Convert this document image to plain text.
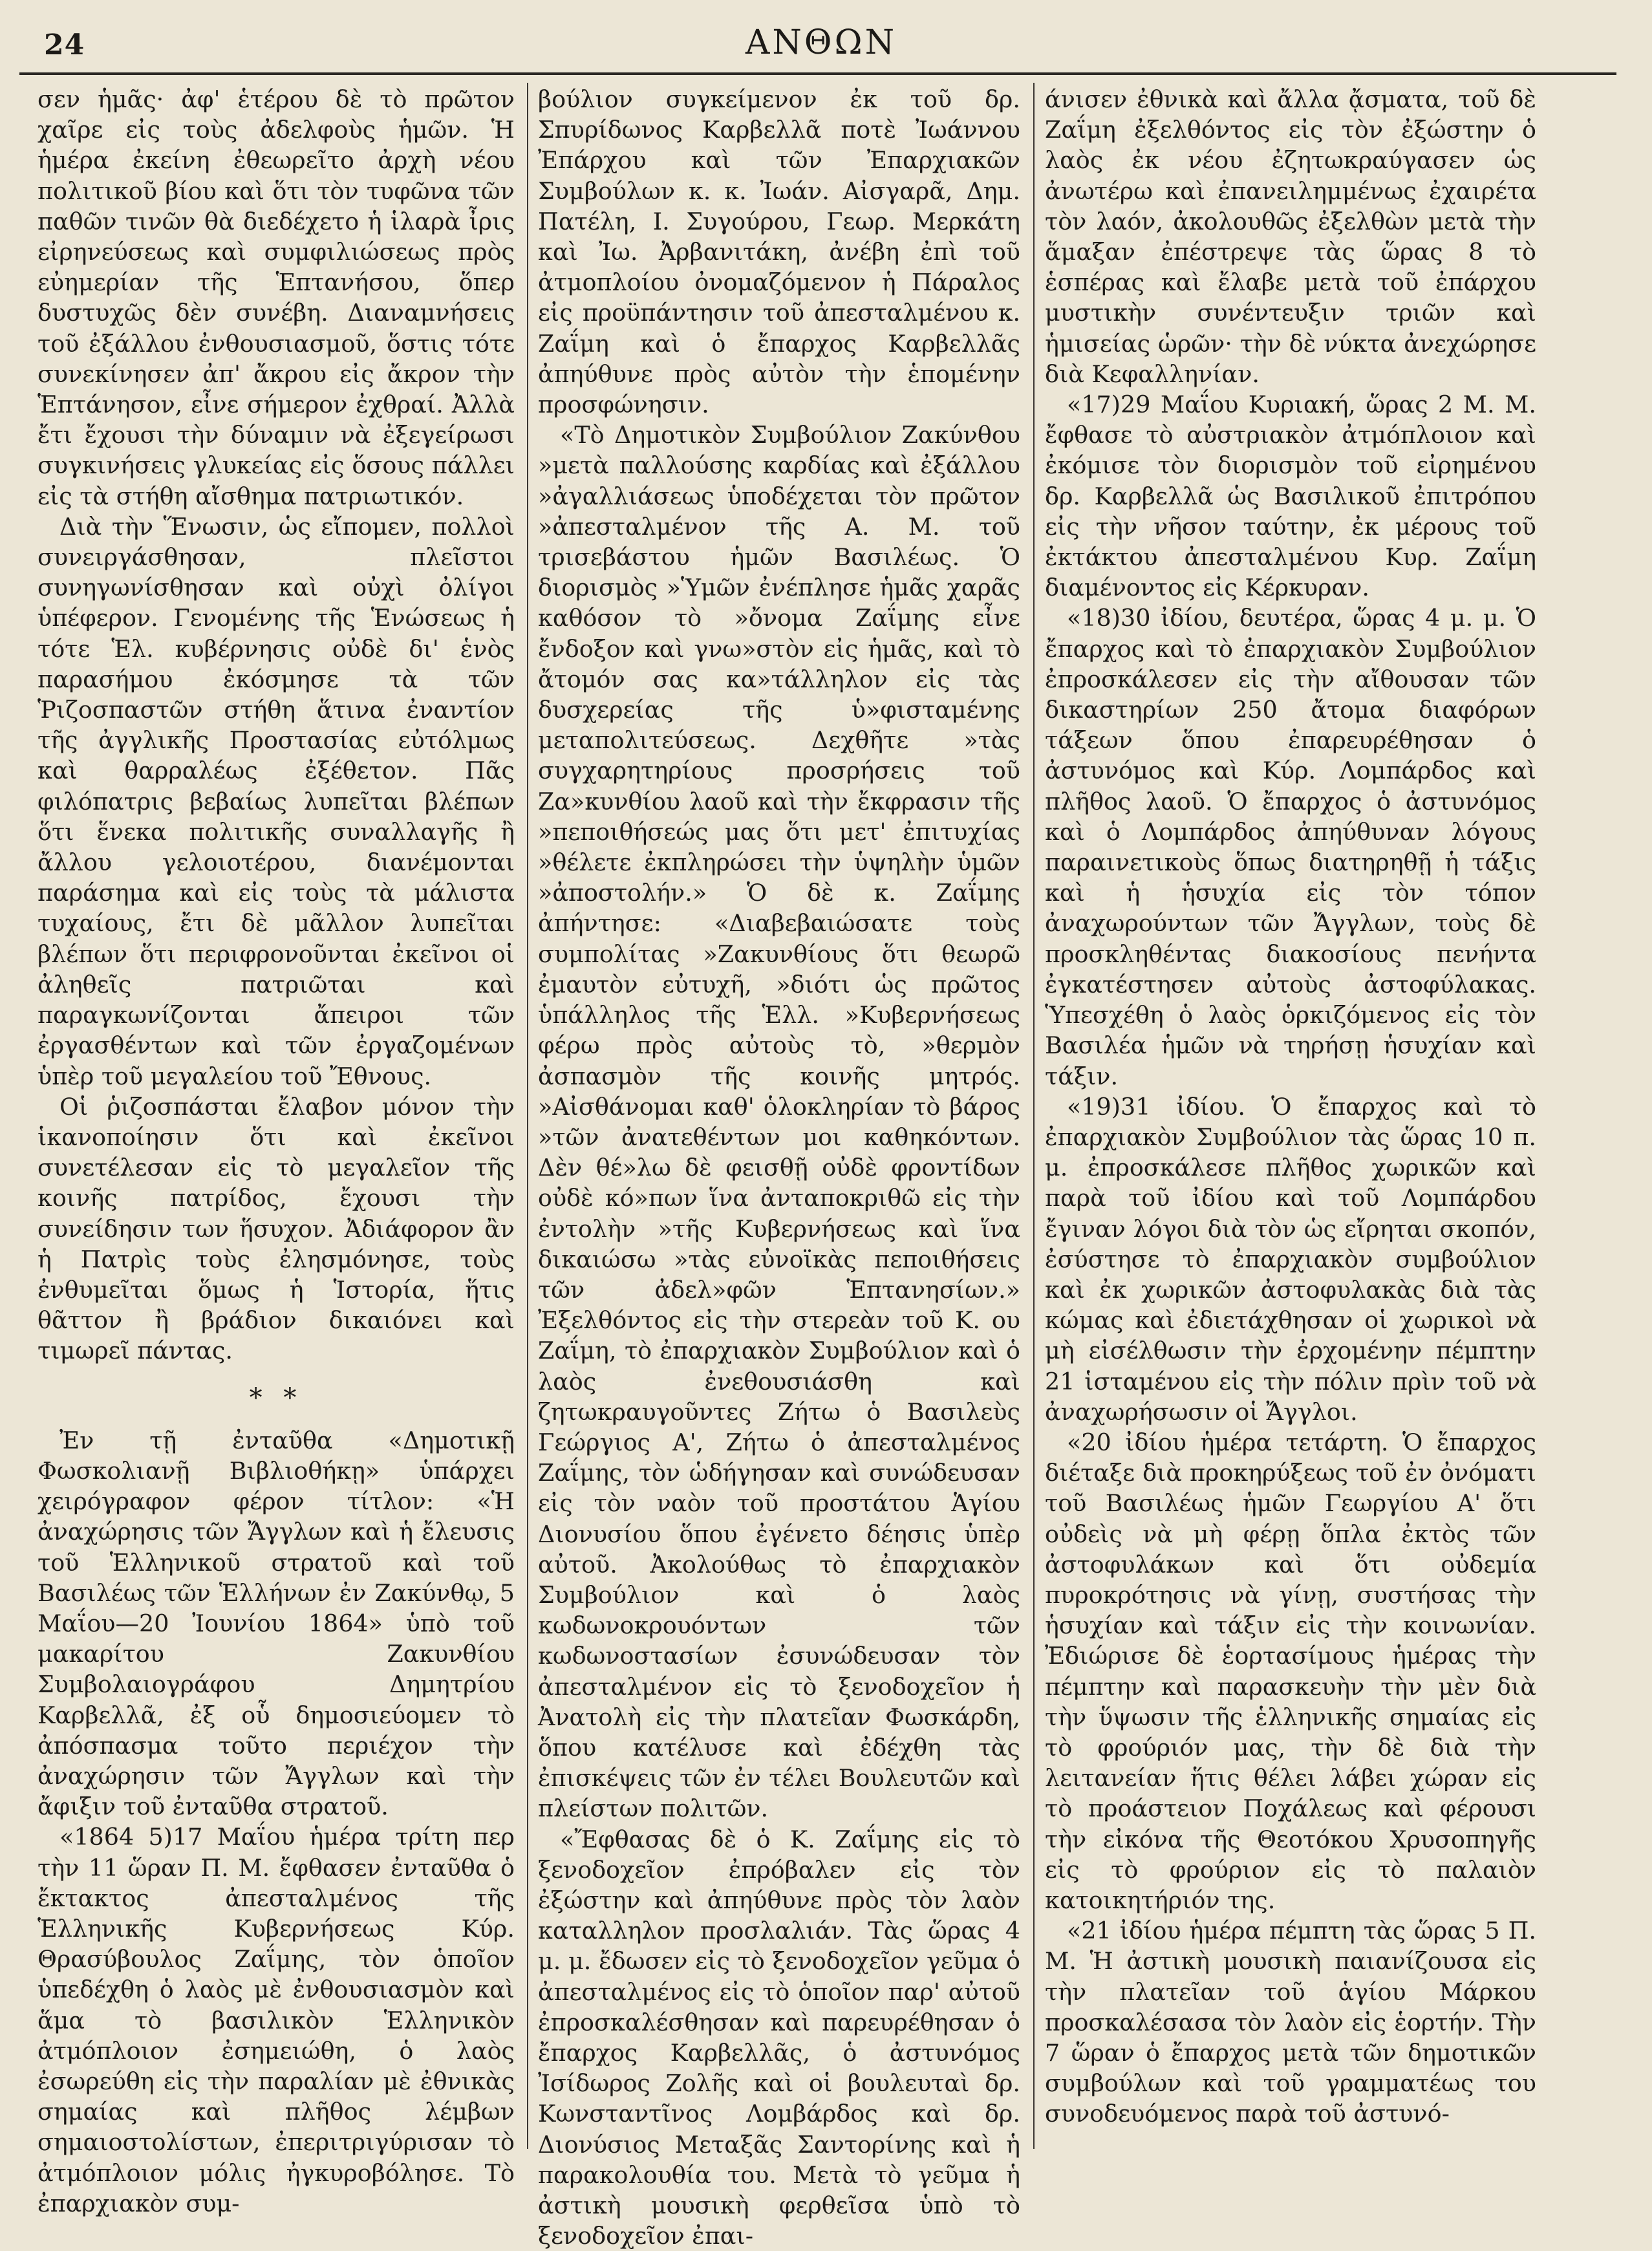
24	ΑΝΘΩΝ

σεν ἡμᾶς· ἀφ' ἑτέρου δὲ τὸ πρῶτον χαῖρε εἰς τοὺς ἀδελφοὺς ἡμῶν. Ἡ ἡμέρα ἐκείνη ἐθεωρεῖτο ἀρχὴ νέου πολιτικοῦ βίου καὶ ὅτι τὸν τυφῶνα τῶν παθῶν τινῶν θὰ διεδέχετο ἡ ἱλαρὰ ἶρις εἰρηνεύσεως καὶ συμφιλιώσεως πρὸς εὐημερίαν τῆς Ἑπτανήσου, ὅπερ δυστυχῶς δὲν συνέβη. Διαναμνήσεις τοῦ ἐξάλλου ἐνθουσιασμοῦ, ὅστις τότε συνεκίνησεν ἀπ' ἄκρου εἰς ἄκρον τὴν Ἑπτάνησον, εἶνε σήμερον ἐχθραί. Ἀλλὰ ἔτι ἔχουσι τὴν δύναμιν νὰ ἐξεγείρωσι συγκινήσεις γλυκείας εἰς ὅσους πάλλει εἰς τὰ στήθη αἴσθημα πατριωτικόν.

Διὰ τὴν Ἕνωσιν, ὡς εἴπομεν, πολλοὶ συνειργάσθησαν, πλεῖστοι συνηγωνίσθησαν καὶ οὐχὶ ὀλίγοι ὑπέφερον. Γενομένης τῆς Ἑνώσεως ἡ τότε Ἑλ. κυβέρνησις οὐδὲ δι' ἑνὸς παρασήμου ἐκόσμησε τὰ τῶν Ῥιζοσπαστῶν στήθη ἅτινα ἐναντίον τῆς ἀγγλικῆς Προστασίας εὐτόλμως καὶ θαρραλέως ἐξέθετον. Πᾶς φιλόπατρις βεβαίως λυπεῖται βλέπων ὅτι ἕνεκα πολιτικῆς συναλλαγῆς ἢ ἄλλου γελοιοτέρου, διανέμονται παράσημα καὶ εἰς τοὺς τὰ μάλιστα τυχαίους, ἔτι δὲ μᾶλλον λυπεῖται βλέπων ὅτι περιφρονοῦνται ἐκεῖνοι οἱ ἀληθεῖς πατριῶται καὶ παραγκωνίζονται ἄπειροι τῶν ἐργασθέντων καὶ τῶν ἐργαζομένων ὑπὲρ τοῦ μεγαλείου τοῦ Ἔθνους.

Οἱ ῥιζοσπάσται ἔλαβον μόνον τὴν ἱκανοποίησιν ὅτι καὶ ἐκεῖνοι συνετέλεσαν εἰς τὸ μεγαλεῖον τῆς κοινῆς πατρίδος, ἔχουσι τὴν συνείδησιν των ἥσυχον. Ἀδιάφορον ἂν ἡ Πατρὶς τοὺς ἐλησμόνησε, τοὺς ἐνθυμεῖται ὅμως ἡ Ἱστορία, ἥτις θᾶττον ἢ βράδιον δικαιόνει καὶ τιμωρεῖ πάντας.

* *

Ἐν τῇ ἐνταῦθα «Δημοτικῇ Φωσκολιανῇ Βιβλιοθήκῃ» ὑπάρχει χειρόγραφον φέρον τίτλον: «Ἡ ἀναχώρησις τῶν Ἄγγλων καὶ ἡ ἔλευσις τοῦ Ἑλληνικοῦ στρατοῦ καὶ τοῦ Βασιλέως τῶν Ἑλλήνων ἐν Ζακύνθῳ, 5 Μαΐου—20 Ἰουνίου 1864» ὑπὸ τοῦ μακαρίτου Ζακυνθίου Συμβολαιογράφου Δημητρίου Καρβελλᾶ, ἐξ οὗ δημοσιεύομεν τὸ ἀπόσπασμα τοῦτο περιέχον τὴν ἀναχώρησιν τῶν Ἄγγλων καὶ τὴν ἄφιξιν τοῦ ἐνταῦθα στρατοῦ.

«1864 5)17 Μαΐου ἡμέρα τρίτη περ τὴν 11 ὥραν Π. Μ. ἔφθασεν ἐνταῦθα ὁ ἔκτακτος ἀπεσταλμένος τῆς Ἑλληνικῆς Κυβερνήσεως Κύρ. Θρασύβουλος Ζαΐμης, τὸν ὁποῖον ὑπεδέχθη ὁ λαὸς μὲ ἐνθουσιασμὸν καὶ ἅμα τὸ βασιλικὸν Ἑλληνικὸν ἀτμόπλοιον ἐσημειώθη, ὁ λαὸς ἐσωρεύθη εἰς τὴν παραλίαν μὲ ἐθνικὰς σημαίας καὶ πλῆθος λέμβων σημαιοστολίστων, ἐπεριτριγύρισαν τὸ ἀτμόπλοιον μόλις ἠγκυροβόλησε. Τὸ ἐπαρχιακὸν συμ-

βούλιον συγκείμενον ἐκ τοῦ δρ. Σπυρίδωνος Καρβελλᾶ ποτὲ Ἰωάννου Ἐπάρχου καὶ τῶν Ἐπαρχιακῶν Συμβούλων κ. κ. Ἰωάν. Αἰσγαρᾶ, Δημ. Πατέλη, Ι. Συγούρου, Γεωρ. Μερκάτη καὶ Ἰω. Ἀρβανιτάκη, ἀνέβη ἐπὶ τοῦ ἀτμοπλοίου ὀνομαζόμενον ἡ Πάραλος εἰς προϋπάντησιν τοῦ ἀπεσταλμένου κ. Ζαΐμη καὶ ὁ ἔπαρχος Καρβελλᾶς ἀπηύθυνε πρὸς αὐτὸν τὴν ἑπομένην προσφώνησιν.

«Τὸ Δημοτικὸν Συμβούλιον Ζακύνθου »μετὰ παλλούσης καρδίας καὶ ἐξάλλου »ἀγαλλιάσεως ὑποδέχεται τὸν πρῶτον »ἀπεσταλμένον τῆς Α. Μ. τοῦ τρισεβάστου ἡμῶν Βασιλέως. Ὁ διορισμὸς »Ὑμῶν ἐνέπλησε ἡμᾶς χαρᾶς καθόσον τὸ »ὄνομα Ζαΐμης εἶνε ἔνδοξον καὶ γνω»στὸν εἰς ἡμᾶς, καὶ τὸ ἄτομόν σας κα»τάλληλον εἰς τὰς δυσχερείας τῆς ὑ»φισταμένης μεταπολιτεύσεως. Δεχθῆτε »τὰς συγχαρητηρίους προσρήσεις τοῦ Ζα»κυνθίου λαοῦ καὶ τὴν ἔκφρασιν τῆς »πεποιθήσεώς μας ὅτι μετ' ἐπιτυχίας »θέλετε ἐκπληρώσει τὴν ὑψηλὴν ὑμῶν »ἀποστολήν.» Ὁ δὲ κ. Ζαΐμης ἀπήντησε: «Διαβεβαιώσατε τοὺς συμπολίτας »Ζακυνθίους ὅτι θεωρῶ ἐμαυτὸν εὐτυχῆ, »διότι ὡς πρῶτος ὑπάλληλος τῆς Ἑλλ. »Κυβερνήσεως φέρω πρὸς αὐτοὺς τὸ, »θερμὸν ἀσπασμὸν τῆς κοινῆς μητρός. »Αἰσθάνομαι καθ' ὁλοκληρίαν τὸ βάρος »τῶν ἀνατεθέντων μοι καθηκόντων. Δὲν θέ»λω δὲ φεισθῇ οὐδὲ φροντίδων οὐδὲ κό»πων ἵνα ἀνταποκριθῶ εἰς τὴν ἐντολὴν »τῆς Κυβερνήσεως καὶ ἵνα δικαιώσω »τὰς εὐνοϊκὰς πεποιθήσεις τῶν ἀδελ»φῶν Ἑπτανησίων.» Ἐξελθόντος εἰς τὴν στερεὰν τοῦ Κ. ου Ζαΐμη, τὸ ἐπαρχιακὸν Συμβούλιον καὶ ὁ λαὸς ἐνεθουσιάσθη καὶ ζητωκραυγοῦντες Ζήτω ὁ Βασιλεὺς Γεώργιος Α', Ζήτω ὁ ἀπεσταλμένος Ζαΐμης, τὸν ὡδήγησαν καὶ συνώδευσαν εἰς τὸν ναὸν τοῦ προστάτου Ἁγίου Διονυσίου ὅπου ἐγένετο δέησις ὑπὲρ αὐτοῦ. Ἀκολούθως τὸ ἐπαρχιακὸν Συμβούλιον καὶ ὁ λαὸς κωδωνοκρουόντων τῶν κωδωνοστασίων ἐσυνώδευσαν τὸν ἀπεσταλμένον εἰς τὸ ξενοδοχεῖον ἡ Ἀνατολὴ εἰς τὴν πλατεῖαν Φωσκάρδη, ὅπου κατέλυσε καὶ ἐδέχθη τὰς ἐπισκέψεις τῶν ἐν τέλει Βουλευτῶν καὶ πλείστων πολιτῶν.

«Ἔφθασας δὲ ὁ Κ. Ζαΐμης εἰς τὸ ξενοδοχεῖον ἐπρόβαλεν εἰς τὸν ἐξώστην καὶ ἀπηύθυνε πρὸς τὸν λαὸν καταλληλον προσλαλιάν. Τὰς ὥρας 4 μ. μ. ἔδωσεν εἰς τὸ ξενοδοχεῖον γεῦμα ὁ ἀπεσταλμένος εἰς τὸ ὁποῖον παρ' αὐτοῦ ἐπροσκαλέσθησαν καὶ παρευρέθησαν ὁ ἔπαρχος Καρβελλᾶς, ὁ ἀστυνόμος Ἰσίδωρος Ζολῆς καὶ οἱ βουλευταὶ δρ. Κωνσταντῖνος Λομβάρδος καὶ δρ. Διονύσιος Μεταξᾶς Σαντορίνης καὶ ἡ παρακολουθία του. Μετὰ τὸ γεῦμα ἡ ἀστικὴ μουσικὴ φερθεῖσα ὑπὸ τὸ ξενοδοχεῖον ἐπαι-

άνισεν ἐθνικὰ καὶ ἄλλα ᾄσματα, τοῦ δὲ Ζαΐμη ἐξελθόντος εἰς τὸν ἐξώστην ὁ λαὸς ἐκ νέου ἐζητωκραύγασεν ὡς ἀνωτέρω καὶ ἐπανειλημμένως ἐχαιρέτα τὸν λαόν, ἀκολουθῶς ἐξελθὼν μετὰ τὴν ἅμαξαν ἐπέστρεψε τὰς ὥρας 8 τὸ ἑσπέρας καὶ ἔλαβε μετὰ τοῦ ἐπάρχου μυστικὴν συνέντευξιν τριῶν καὶ ἡμισείας ὡρῶν· τὴν δὲ νύκτα ἀνεχώρησε διὰ Κεφαλληνίαν.

«17)29 Μαΐου Κυριακή, ὥρας 2 Μ. Μ. ἔφθασε τὸ αὐστριακὸν ἀτμόπλοιον καὶ ἐκόμισε τὸν διορισμὸν τοῦ εἰρημένου δρ. Καρβελλᾶ ὡς Βασιλικοῦ ἐπιτρόπου εἰς τὴν νῆσον ταύτην, ἐκ μέρους τοῦ ἐκτάκτου ἀπεσταλμένου Κυρ. Ζαΐμη διαμένοντος εἰς Κέρκυραν.

«18)30 ἰδίου, δευτέρα, ὥρας 4 μ. μ. Ὁ ἔπαρχος καὶ τὸ ἐπαρχιακὸν Συμβούλιον ἐπροσκάλεσεν εἰς τὴν αἴθουσαν τῶν δικαστηρίων 250 ἄτομα διαφόρων τάξεων ὅπου ἐπαρευρέθησαν ὁ ἀστυνόμος καὶ Κύρ. Λομπάρδος καὶ πλῆθος λαοῦ. Ὁ ἔπαρχος ὁ ἀστυνόμος καὶ ὁ Λομπάρδος ἀπηύθυναν λόγους παραινετικοὺς ὅπως διατηρηθῇ ἡ τάξις καὶ ἡ ἡσυχία εἰς τὸν τόπον ἀναχωρούντων τῶν Ἄγγλων, τοὺς δὲ προσκληθέντας διακοσίους πενήντα ἐγκατέστησεν αὐτοὺς ἀστοφύλακας. Ὑπεσχέθη ὁ λαὸς ὁρκιζόμενος εἰς τὸν Βασιλέα ἡμῶν νὰ τηρήσῃ ἡσυχίαν καὶ τάξιν.

«19)31 ἰδίου. Ὁ ἔπαρχος καὶ τὸ ἐπαρχιακὸν Συμβούλιον τὰς ὥρας 10 π. μ. ἐπροσκάλεσε πλῆθος χωρικῶν καὶ παρὰ τοῦ ἰδίου καὶ τοῦ Λομπάρδου ἔγιναν λόγοι διὰ τὸν ὡς εἴρηται σκοπόν, ἐσύστησε τὸ ἐπαρχιακὸν συμβούλιον καὶ ἐκ χωρικῶν ἀστοφυλακὰς διὰ τὰς κώμας καὶ ἐδιετάχθησαν οἱ χωρικοὶ νὰ μὴ εἰσέλθωσιν τὴν ἐρχομένην πέμπτην 21 ἱσταμένου εἰς τὴν πόλιν πρὶν τοῦ νὰ ἀναχωρήσωσιν οἱ Ἄγγλοι.

«20 ἰδίου ἡμέρα τετάρτη. Ὁ ἔπαρχος διέταξε διὰ προκηρύξεως τοῦ ἐν ὀνόματι τοῦ Βασιλέως ἡμῶν Γεωργίου Α' ὅτι οὐδεὶς νὰ μὴ φέρῃ ὅπλα ἐκτὸς τῶν ἀστοφυλάκων καὶ ὅτι οὐδεμία πυροκρότησις νὰ γίνῃ, συστήσας τὴν ἡσυχίαν καὶ τάξιν εἰς τὴν κοινωνίαν. Ἐδιώρισε δὲ ἑορτασίμους ἡμέρας τὴν πέμπτην καὶ παρασκευὴν τὴν μὲν διὰ τὴν ὕψωσιν τῆς ἑλληνικῆς σημαίας εἰς τὸ φρούριόν μας, τὴν δὲ διὰ τὴν λειτανείαν ἥτις θέλει λάβει χώραν εἰς τὸ προάστειον Ποχάλεως καὶ φέρουσι τὴν εἰκόνα τῆς Θεοτόκου Χρυσοπηγῆς εἰς τὸ φρούριον εἰς τὸ παλαιὸν κατοικητήριόν της.

«21 ἰδίου ἡμέρα πέμπτη τὰς ὥρας 5 Π. Μ. Ἡ ἀστικὴ μουσικὴ παιανίζουσα εἰς τὴν πλατεῖαν τοῦ ἁγίου Μάρκου προσκαλέσασα τὸν λαὸν εἰς ἑορτήν. Τὴν 7 ὥραν ὁ ἔπαρχος μετὰ τῶν δημοτικῶν συμβούλων καὶ τοῦ γραμματέως του συνοδευόμενος παρὰ τοῦ ἀστυνό-
